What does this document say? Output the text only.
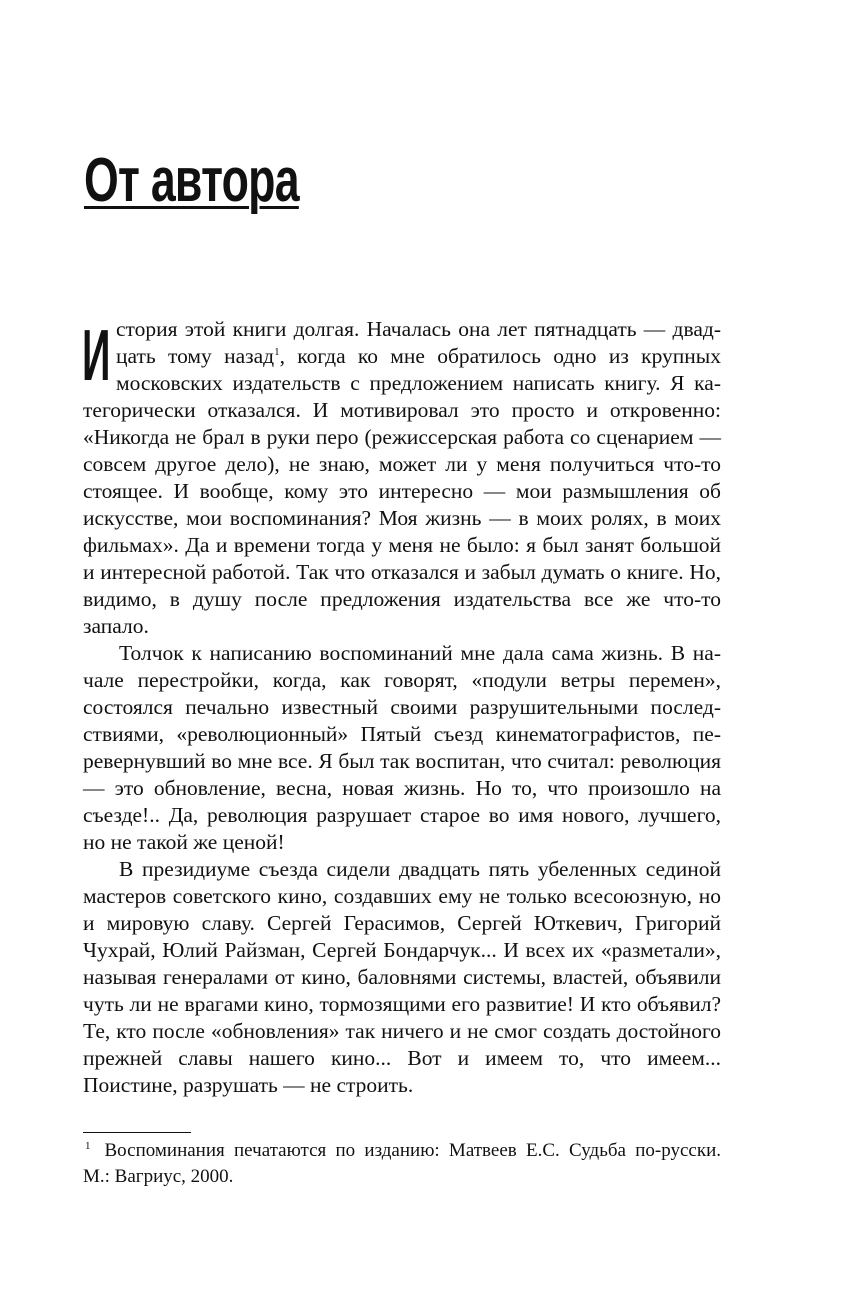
От автора

История этой книги долгая. Началась она лет пятнадцать — двадцать тому назад$^1$, когда ко мне обратилось одно из крупных московских издательств с предложением написать книгу. Я категорически отказался. И мотивировал это просто и откровенно: «Никогда не брал в руки перо (режиссерская работа со сценарием — совсем другое дело), не знаю, может ли у меня получиться что-то стоящее. И вообще, кому это интересно — мои размышления об искусстве, мои воспоминания? Моя жизнь — в моих ролях, в моих фильмах». Да и времени тогда у меня не было: я был занят большой и интересной работой. Так что отказался и забыл думать о книге. Но, видимо, в душу после предложения издательства все же что-то запало.

Толчок к написанию воспоминаний мне дала сама жизнь. В начале перестройки, когда, как говорят, «подули ветры перемен», состоялся печально известный своими разрушительными последствиями, «революционный» Пятый съезд кинематографистов, перевернувший во мне все. Я был так воспитан, что считал: революция — это обновление, весна, новая жизнь. Но то, что произошло на съезде!.. Да, революция разрушает старое во имя нового, лучшего, но не такой же ценой!

В президиуме съезда сидели двадцать пять убеленных сединой мастеров советского кино, создавших ему не только всесоюзную, но и мировую славу. Сергей Герасимов, Сергей Юткевич, Григорий Чухрай, Юлий Райзман, Сергей Бондарчук... И всех их «разметали», называя генералами от кино, баловнями системы, властей, объявили чуть ли не врагами кино, тормозящими его развитие! И кто объявил? Те, кто после «обновления» так ничего и не смог создать достойного прежней славы нашего кино... Вот и имеем то, что имеем... Поистине, разрушать — не строить.

$^1$ Воспоминания печатаются по изданию: Матвеев Е.С. Судьба по-русски. М.: Вагриус, 2000.
